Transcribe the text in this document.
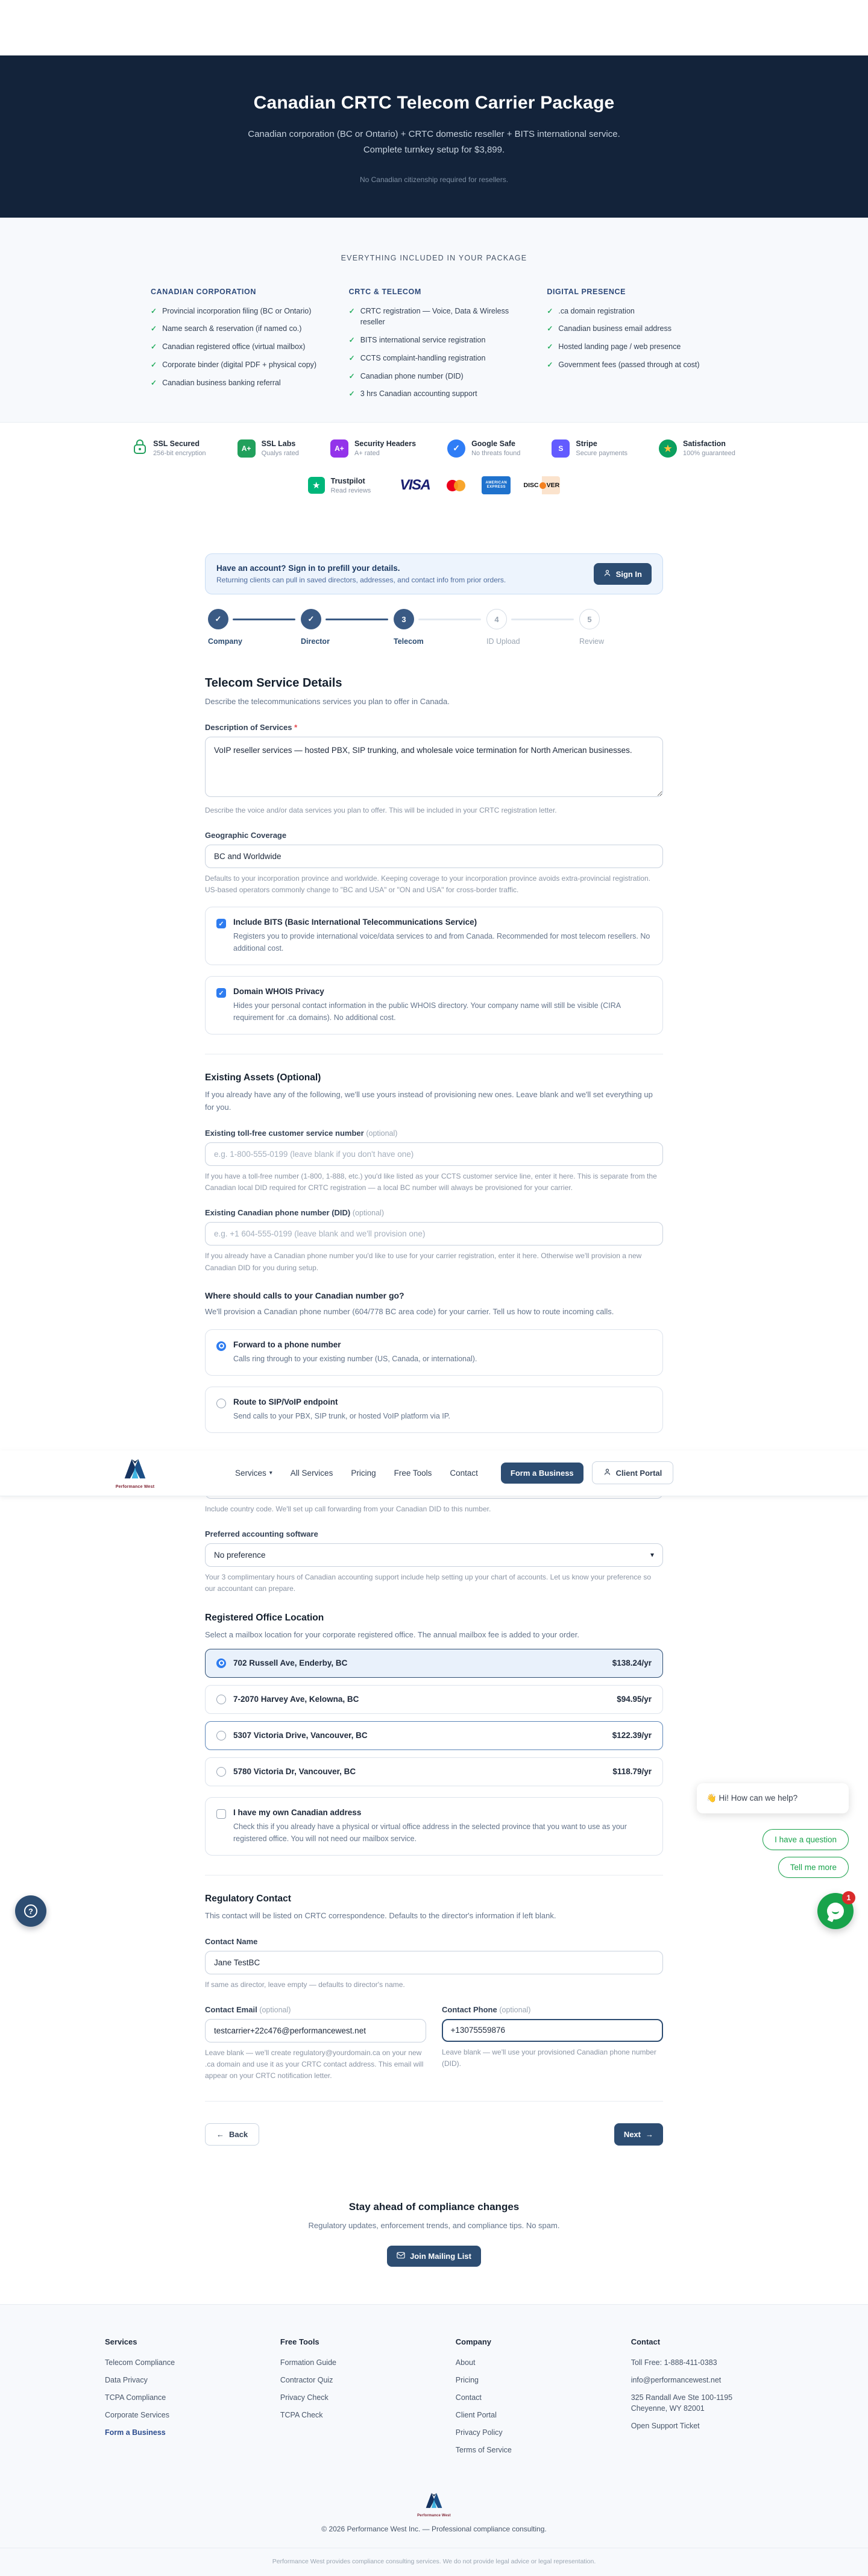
Canadian CRTC Telecom Carrier Package
Canadian corporation (BC or Ontario) + CRTC domestic reseller + BITS international service. Complete turnkey setup for $3,899.
No Canadian citizenship required for resellers.
EVERYTHING INCLUDED IN YOUR PACKAGE
CANADIAN CORPORATION
✓ Provincial incorporation filing (BC or Ontario)
✓ Name search & reservation (if named co.)
✓ Canadian registered office (virtual mailbox)
✓ Corporate binder (digital PDF + physical copy)
✓ Canadian business banking referral
CRTC & TELECOM
✓ CRTC registration — Voice, Data & Wireless reseller
✓ BITS international service registration
✓ CCTS complaint-handling registration
✓ Canadian phone number (DID)
✓ 3 hrs Canadian accounting support
DIGITAL PRESENCE
✓ .ca domain registration
✓ Canadian business email address
✓ Hosted landing page / web presence
✓ Government fees (passed through at cost)
SSL Secured
256-bit encryption
A+
SSL Labs
Qualys rated
A+
Security Headers
A+ rated
✓	Google Safe
No threats found
S
Stripe
Secure payments	★ Satisfaction
100% guaranteed
★	Trustpilot
Read reviews VISA	AMERICAN
EXPRESS	DISC VER
Have an account? Sign in to prefill your details.
Returning clients can pull in saved directors, addresses, and contact info from prior orders.
Sign In
✓
Company
✓
Director
3
Telecom
4
ID Upload
5
Review
Telecom Service Details
Describe the telecommunications services you plan to offer in Canada.
Description of Services *
VoIP reseller services — hosted PBX, SIP trunking, and wholesale voice termination for North American businesses.
Describe the voice and/or data services you plan to offer. This will be included in your CRTC registration letter.
Geographic Coverage
BC and Worldwide
Defaults to your incorporation province and worldwide. Keeping coverage to your incorporation province avoids extra-provincial registration. US-based operators commonly change to "BC and USA" or "ON and USA" for cross-border traffic.
✓ Include BITS (Basic International Telecommunications Service)
Registers you to provide international voice/data services to and from Canada. Recommended for most telecom resellers. No additional cost.
✓ Domain WHOIS Privacy
Hides your personal contact information in the public WHOIS directory. Your company name will still be visible (CIRA requirement for .ca domains). No additional cost.
Existing Assets (Optional)
If you already have any of the following, we'll use yours instead of provisioning new ones. Leave blank and we'll set everything up for you.
Existing toll-free customer service number (optional)
e.g. 1-800-555-0199 (leave blank if you don't have one)
If you have a toll-free number (1-800, 1-888, etc.) you'd like listed as your CCTS customer service line, enter it here. This is separate from the Canadian local DID required for CRTC registration — a local BC number will always be provisioned for your carrier.
Existing Canadian phone number (DID) (optional)
e.g. +1 604-555-0199 (leave blank and we'll provision one)
If you already have a Canadian phone number you'd like to use for your carrier registration, enter it here. Otherwise we'll provision a new Canadian DID for you during setup.
Where should calls to your Canadian number go?
We'll provision a Canadian phone number (604/778 BC area code) for your carrier. Tell us how to route incoming calls.
Forward to a phone number
Calls ring through to your existing number (US, Canada, or international).
Route to SIP/VoIP endpoint
Send calls to your PBX, SIP trunk, or hosted VoIP platform via IP.
Performance West
Services ▾ All Services Pricing Free Tools Contact	Form a Business	Client Portal
Include country code. We'll set up call forwarding from your Canadian DID to this number.
Preferred accounting software
No preference	▾
Your 3 complimentary hours of Canadian accounting support include help setting up your chart of accounts. Let us know your preference so our accountant can prepare.
Registered Office Location
Select a mailbox location for your corporate registered office. The annual mailbox fee is added to your order.
702 Russell Ave, Enderby, BC	$138.24/yr
7-2070 Harvey Ave, Kelowna, BC	$94.95/yr
5307 Victoria Drive, Vancouver, BC	$122.39/yr
5780 Victoria Dr, Vancouver, BC	$118.79/yr
I have my own Canadian address
Check this if you already have a physical or virtual office address in the selected province that you want to use as your registered office. You will not need our mailbox service.
Regulatory Contact
This contact will be listed on CRTC correspondence. Defaults to the director's information if left blank.
Contact Name
Jane TestBC
If same as director, leave empty — defaults to director's name.
Contact Email (optional)
testcarrier+22c476@performancewest.net
Leave blank — we'll create regulatory@yourdomain.ca on your new .ca domain and use it as your CRTC contact address. This email will appear on your CRTC notification letter.
Contact Phone (optional)
+13075559876
Leave blank — we'll use your provisioned Canadian phone number (DID).
← Back	Next →
Stay ahead of compliance changes
Regulatory updates, enforcement trends, and compliance tips. No spam.
Join Mailing List
Services
Telecom Compliance
Data Privacy
TCPA Compliance
Corporate Services
Form a Business
Free Tools
Formation Guide
Contractor Quiz
Privacy Check
TCPA Check
Company
About
Pricing
Contact
Client Portal
Privacy Policy
Terms of Service
Contact
Toll Free: 1-888-411-0383
info@performancewest.net
325 Randall Ave Ste 100-1195
Cheyenne, WY 82001
Open Support Ticket
Performance West
© 2026 Performance West Inc. — Professional compliance consulting.
Performance West provides compliance consulting services. We do not provide legal advice or legal representation.
👋 Hi! How can we help?
I have a question
Tell me more
1
?
